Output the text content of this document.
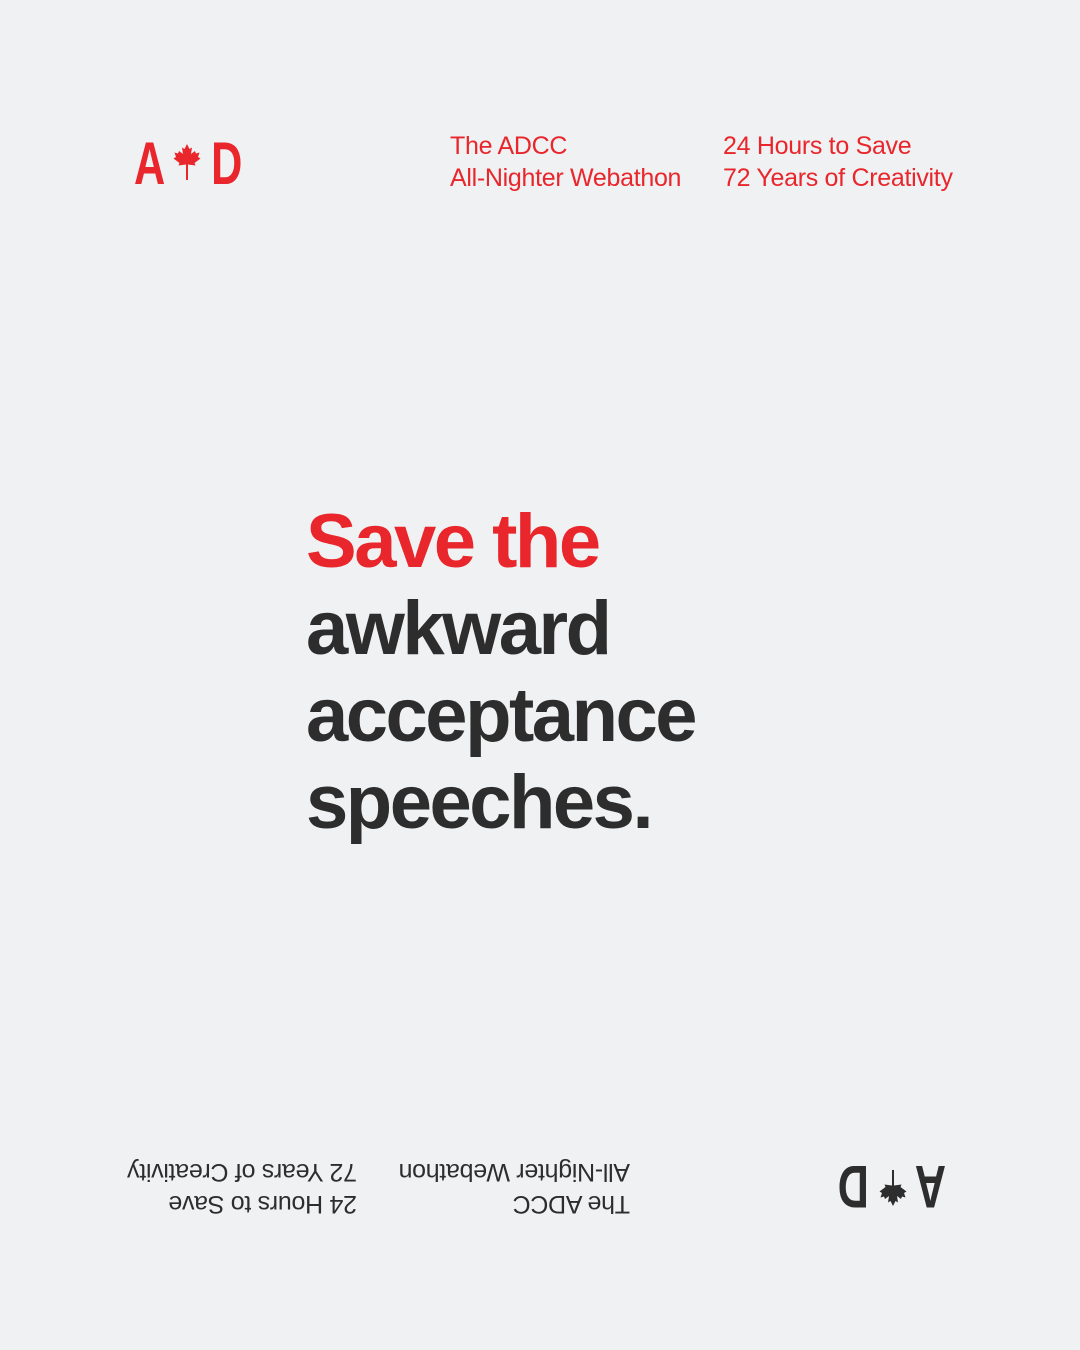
A D	The ADCC
All-Nighter Webathon
24 Hours to Save
72 Years of Creativity
Save the
awkward
acceptance
speeches.
A
D
The ADCC
All-Nighter Webathon
24 Hours to Save
72 Years of Creativity
